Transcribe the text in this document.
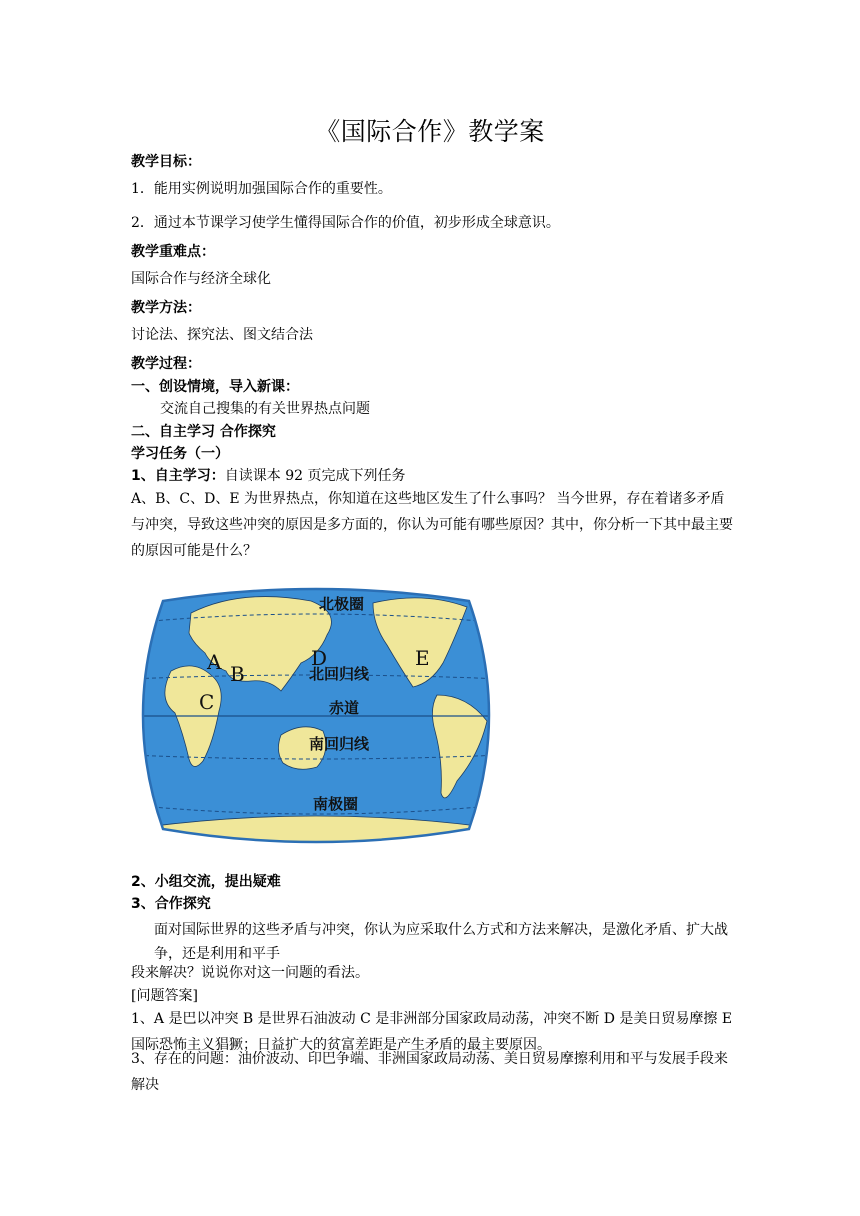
《国际合作》教学案
教学目标：
1．能用实例说明加强国际合作的重要性。
2．通过本节课学习使学生懂得国际合作的价值，初步形成全球意识。
教学重难点：
国际合作与经济全球化
教学方法：
讨论法、探究法、图文结合法
教学过程：
一、创设情境，导入新课：
交流自己搜集的有关世界热点问题
二、自主学习 合作探究
学习任务（一）
1、自主学习：自读课本 92 页完成下列任务
A、B、C、D、E 为世界热点，你知道在这些地区发生了什么事吗？ 当今世界，存在着诸多矛盾与冲突，导致这些冲突的原因是多方面的，你认为可能有哪些原因？其中，你分析一下其中最主要的原因可能是什么？
北极圈
北回归线
赤道
南回归线
南极圈
A B
C
D	E
2、小组交流，提出疑难
3、合作探究
面对国际世界的这些矛盾与冲突，你认为应采取什么方式和方法来解决，是激化矛盾、扩大战争，还是利用和平手
段来解决？说说你对这一问题的看法。
[问题答案]
1、A 是巴以冲突 B 是世界石油波动 C 是非洲部分国家政局动荡，冲突不断 D 是美日贸易摩擦 E 国际恐怖主义猖獗；日益扩大的贫富差距是产生矛盾的最主要原因。
3、存在的问题：油价波动、印巴争端、非洲国家政局动荡、美日贸易摩擦利用和平与发展手段来解决
